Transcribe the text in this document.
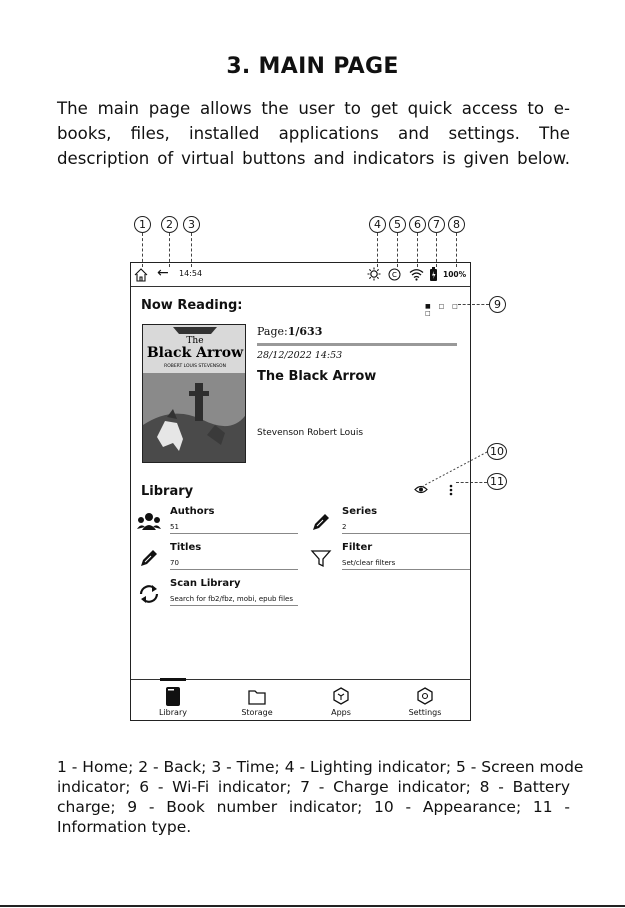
3. MAIN PAGE
The main page allows the user to get quick access to e-
books, files, installed applications and settings. The
description of virtual buttons and indicators is given below.
1	2	3	4	5	6	7	8
9
10
11
← 14:54	C	100%
Now Reading:	■ □ □ □
The
Black Arrow
ROBERT LOUIS STEVENSON
Page:1/633
28/12/2022 14:53
The Black Arrow
Stevenson Robert Louis
Library
Authors
51
Series
2
Titles
70
Filter
Set/clear filters
Scan Library
Search for fb2/fbz, mobi, epub files
Library	Storage	Apps	Settings
1 - Home; 2 - Back; 3 - Time; 4 - Lighting indicator; 5 - Screen mode
indicator; 6 - Wi-Fi indicator; 7 - Charge indicator; 8 - Battery
charge; 9 - Book number indicator; 10 - Appearance; 11 -
Information type.
